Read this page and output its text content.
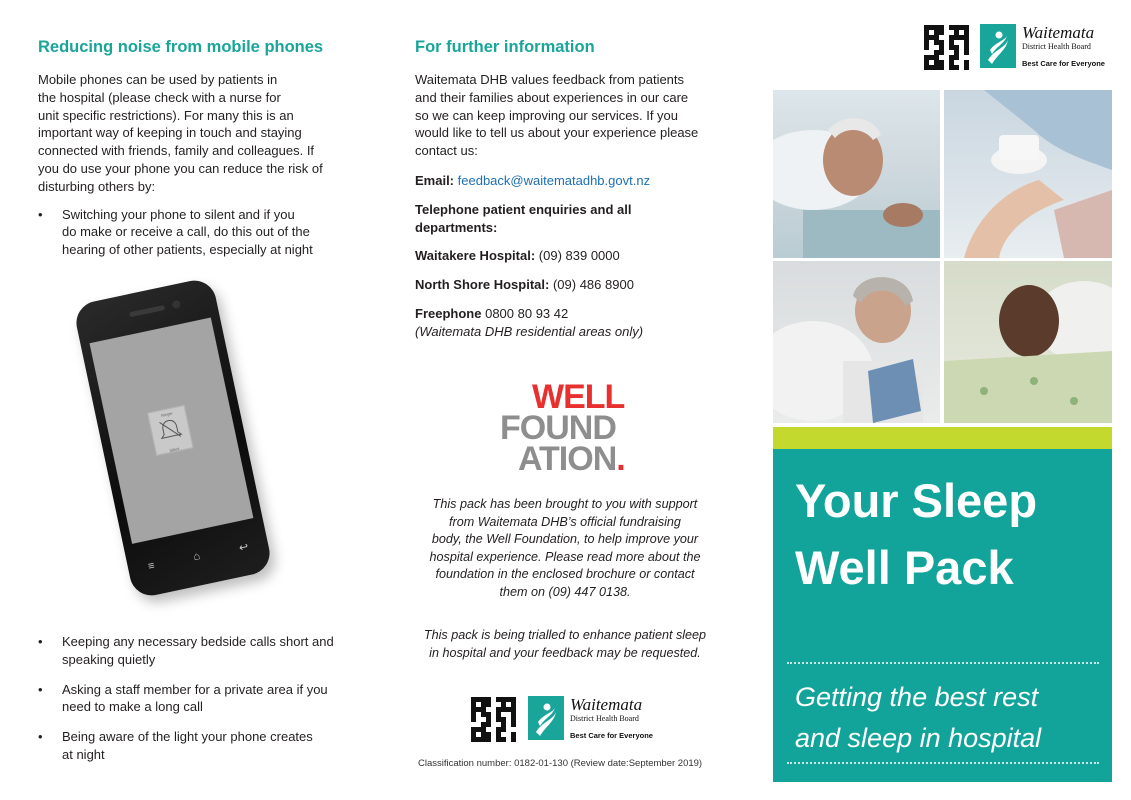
Reducing noise from mobile phones
Mobile phones can be used by patients in
the hospital (please check with a nurse for
unit specific restrictions). For many this is an
important way of keeping in touch and staying
connected with friends, family and colleagues. If
you do use your phone you can reduce the risk of
disturbing others by:
• Switching your phone to silent and if you
do make or receive a call, do this out of the
hearing of other patients, especially at night
Ringer
Silent
≡
⌂
↩
• Keeping any necessary bedside calls short and
speaking quietly
• Asking a staff member for a private area if you
need to make a long call
• Being aware of the light your phone creates
at night
For further information
Waitemata DHB values feedback from patients
and their families about experiences in our care
so we can keep improving our services. If you
would like to tell us about your experience please
contact us:
Email: feedback@waitematadhb.govt.nz
Telephone patient enquiries and all
departments:
Waitakere Hospital: (09) 839 0000
North Shore Hospital: (09) 486 8900
Freephone 0800 80 93 42
(Waitemata DHB residential areas only)
WELL
FOUND
ATION.
This pack has been brought to you with support
from Waitemata DHB’s official fundraising
body, the Well Foundation, to help improve your
hospital experience. Please read more about the
foundation in the enclosed brochure or contact
them on (09) 447 0138.
This pack is being trialled to enhance patient sleep
in hospital and your feedback may be requested.
Waitemata
District Health Board
Best Care for Everyone
Classification number: 0182-01-130 (Review date:September 2019)
Waitemata
District Health Board
Best Care for Everyone
Your Sleep
Well Pack
Getting the best rest
and sleep in hospital
